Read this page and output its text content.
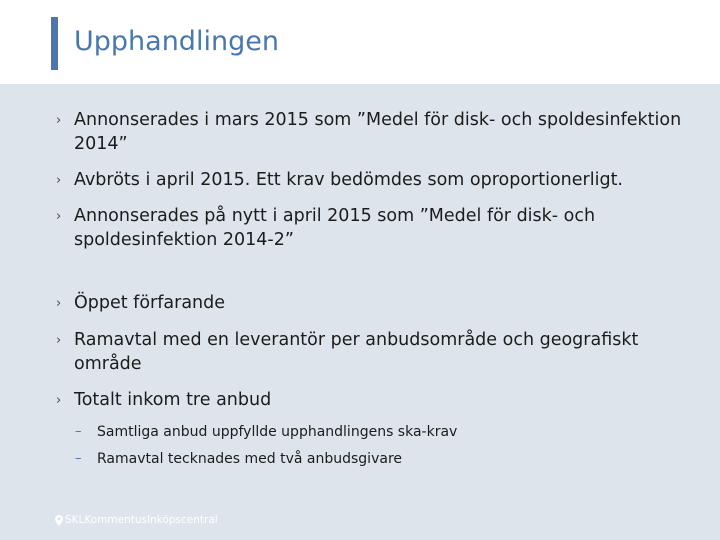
Upphandlingen
› Annonserades i mars 2015 som ”Medel för disk- och spoldesinfektion 2014”
› Avbröts i april 2015. Ett krav bedömdes som oproportionerligt.
› Annonserades på nytt i april 2015 som ”Medel för disk- och spoldesinfektion 2014-2”
› Öppet förfarande
› Ramavtal med en leverantör per anbudsområde och geografiskt område
› Totalt inkom tre anbud
– Samtliga anbud uppfyllde upphandlingens ska-krav
– Ramavtal tecknades med två anbudsgivare
SKLKommentusInköpscentral
